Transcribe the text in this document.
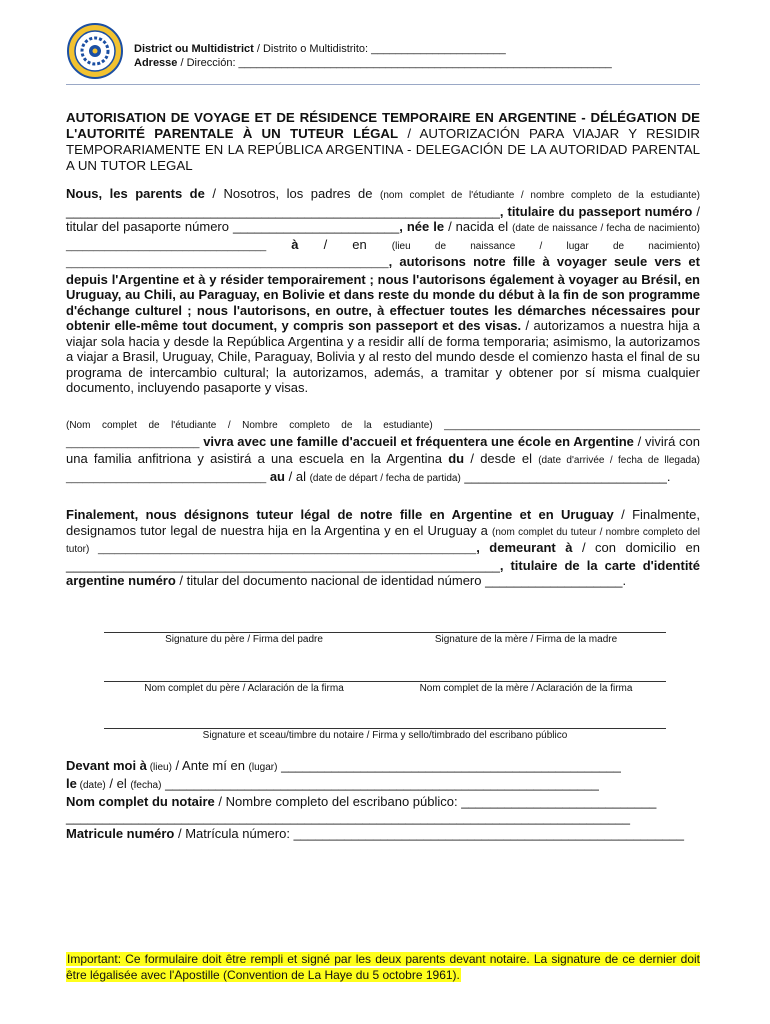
District ou Multidistrict / Distrito o Multidistrito: ______________________
Adresse / Dirección: _____________________________________________________________
AUTORISATION DE VOYAGE ET DE RÉSIDENCE TEMPORAIRE EN ARGENTINE - DÉLÉGATION DE L'AUTORITÉ PARENTALE À UN TUTEUR LÉGAL / AUTORIZACIÓN PARA VIAJAR Y RESIDIR TEMPORARIAMENTE EN LA REPÚBLICA ARGENTINA - DELEGACIÓN DE LA AUTORIDAD PARENTAL A UN TUTOR LEGAL
Nous, les parents de / Nosotros, los padres de (nom complet de l'étudiante / nombre completo de la estudiante) ____________________________________________________________, titulaire du passeport numéro / titular del pasaporte número _______________________, née le / nacida el (date de naissance / fecha de nacimiento) ____________________________________ à / en (lieu de naissance / lugar de nacimiento) __________________________________________________________, autorisons notre fille à voyager seule vers et depuis l'Argentine et à y résider temporairement ; nous l'autorisons également à voyager au Brésil, en Uruguay, au Chili, au Paraguay, en Bolivie et dans reste du monde du début à la fin de son programme d'échange culturel ; nous l'autorisons, en outre, à effectuer toutes les démarches nécessaires pour obtenir elle-même tout document, y compris son passeport et des visas. / autorizamos a nuestra hija a viajar sola hacia y desde la República Argentina y a residir allí de forma temporaria; asimismo, la autorizamos a viajar a Brasil, Uruguay, Chile, Paraguay, Bolivia y al resto del mundo desde el comienzo hasta el final de su programa de intercambio cultural; la autorizamos, además, a tramitar y obtener por sí misma cualquier documento, incluyendo pasaporte y visas.
(Nom complet de l'étudiante / Nombre completo de la estudiante) ______________________________________________ ________________________ vivra avec une famille d'accueil et fréquentera une école en Argentine / vivirá con una familia anfitriona y asistirá a una escuela en la Argentina du / desde el (date d'arrivée / fecha de llegada) ____________________________________ au / al (date de départ / fecha de partida) ____________________________.
Finalement, nous désignons tuteur légal de notre fille en Argentine et en Uruguay / Finalmente, designamos tutor legal de nuestra hija en la Argentina y en el Uruguay a (nom complet du tuteur / nombre completo del tutor) ____________________________________________________________________, demeurant à / con domicilio en ____________________________________________________________, titulaire de la carte d'identité argentine numéro / titular del documento nacional de identidad número ___________________.
Signature du père / Firma del padre	Signature de la mère / Firma de la madre
Nom complet du père / Aclaración de la firma	Nom complet de la mère / Aclaración de la firma
Signature et sceau/timbre du notaire / Firma y sello/timbrado del escribano público
Devant moi à (lieu) / Ante mí en (lugar) _______________________________________________
le (date) / el (fecha) ____________________________________________________________
Nom complet du notaire / Nombre completo del escribano público: ___________________________
______________________________________________________________________________
Matricule numéro / Matrícula número: ______________________________________________________
Important: Ce formulaire doit être rempli et signé par les deux parents devant notaire. La signature de ce dernier doit être légalisée avec l'Apostille (Convention de La Haye du 5 octobre 1961).
